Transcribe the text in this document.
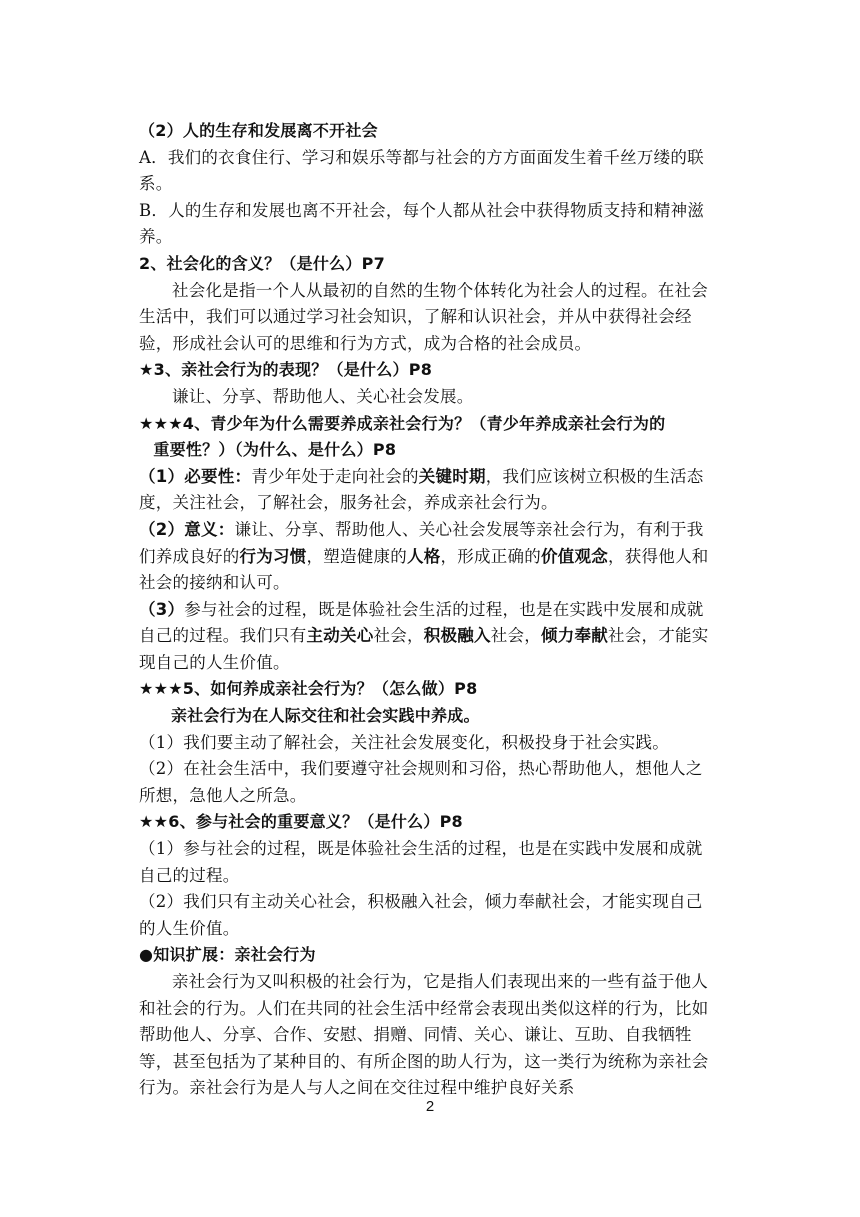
（2）人的生存和发展离不开社会

A．我们的衣食住行、学习和娱乐等都与社会的方方面面发生着千丝万缕的联系。

B．人的生存和发展也离不开社会，每个人都从社会中获得物质支持和精神滋养。

2、社会化的含义？（是什么）P7

社会化是指一个人从最初的自然的生物个体转化为社会人的过程。在社会生活中，我们可以通过学习社会知识，了解和认识社会，并从中获得社会经验，形成社会认可的思维和行为方式，成为合格的社会成员。

★3、亲社会行为的表现？（是什么）P8

谦让、分享、帮助他人、关心社会发展。

★★★4、青少年为什么需要养成亲社会行为？（青少年养成亲社会行为的

重要性？）（为什么、是什么）P8

（1）必要性：青少年处于走向社会的关键时期，我们应该树立积极的生活态度，关注社会，了解社会，服务社会，养成亲社会行为。

（2）意义：谦让、分享、帮助他人、关心社会发展等亲社会行为，有利于我们养成良好的行为习惯，塑造健康的人格，形成正确的价值观念，获得他人和社会的接纳和认可。

（3）参与社会的过程，既是体验社会生活的过程，也是在实践中发展和成就自己的过程。我们只有主动关心社会，积极融入社会，倾力奉献社会，才能实现自己的人生价值。

★★★5、如何养成亲社会行为？（怎么做）P8

亲社会行为在人际交往和社会实践中养成。

（1）我们要主动了解社会，关注社会发展变化，积极投身于社会实践。

（2）在社会生活中，我们要遵守社会规则和习俗，热心帮助他人，想他人之所想，急他人之所急。

★★6、参与社会的重要意义？（是什么）P8

（1）参与社会的过程，既是体验社会生活的过程，也是在实践中发展和成就自己的过程。

（2）我们只有主动关心社会，积极融入社会，倾力奉献社会，才能实现自己的人生价值。

●知识扩展：亲社会行为

亲社会行为又叫积极的社会行为，它是指人们表现出来的一些有益于他人和社会的行为。人们在共同的社会生活中经常会表现出类似这样的行为，比如帮助他人、分享、合作、安慰、捐赠、同情、关心、谦让、互助、自我牺牲等，甚至包括为了某种目的、有所企图的助人行为，这一类行为统称为亲社会行为。亲社会行为是人与人之间在交往过程中维护良好关系

2
